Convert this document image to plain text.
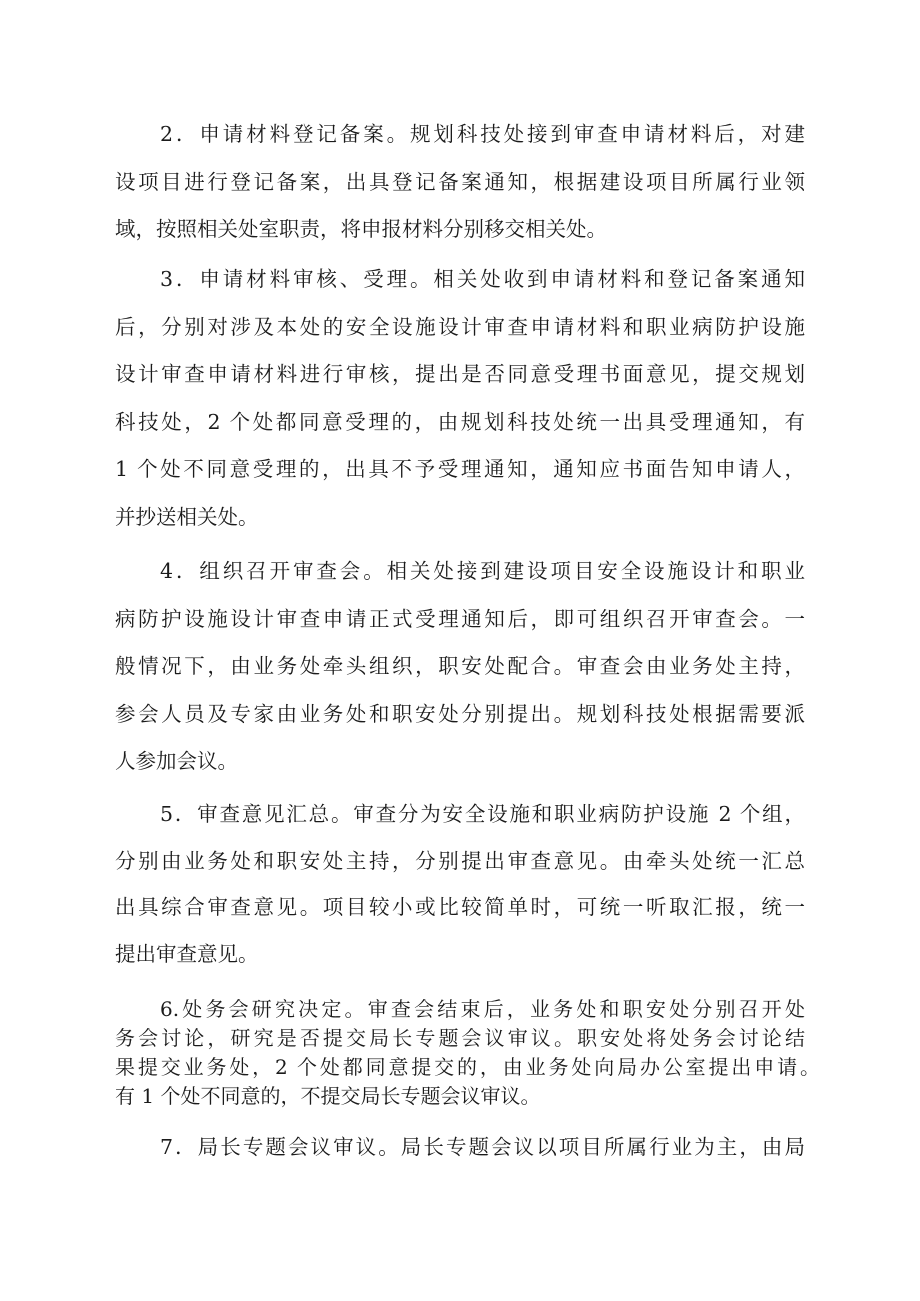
2．申请材料登记备案。规划科技处接到审查申请材料后，对建
设项目进行登记备案，出具登记备案通知，根据建设项目所属行业领
域，按照相关处室职责，将申报材料分别移交相关处。
3．申请材料审核、受理。相关处收到申请材料和登记备案通知
后，分别对涉及本处的安全设施设计审查申请材料和职业病防护设施
设计审查申请材料进行审核，提出是否同意受理书面意见，提交规划
科技处，2 个处都同意受理的，由规划科技处统一出具受理通知，有
1 个处不同意受理的，出具不予受理通知，通知应书面告知申请人，
并抄送相关处。
4．组织召开审查会。相关处接到建设项目安全设施设计和职业
病防护设施设计审查申请正式受理通知后，即可组织召开审查会。一
般情况下，由业务处牵头组织，职安处配合。审查会由业务处主持，
参会人员及专家由业务处和职安处分别提出。规划科技处根据需要派
人参加会议。
5．审查意见汇总。审查分为安全设施和职业病防护设施 2 个组，
分别由业务处和职安处主持，分别提出审查意见。由牵头处统一汇总
出具综合审查意见。项目较小或比较简单时，可统一听取汇报，统一
提出审查意见。
6.处务会研究决定。审查会结束后，业务处和职安处分别召开处
务会讨论，研究是否提交局长专题会议审议。职安处将处务会讨论结
果提交业务处，2 个处都同意提交的，由业务处向局办公室提出申请。
有 1 个处不同意的，不提交局长专题会议审议。
7．局长专题会议审议。局长专题会议以项目所属行业为主，由局
